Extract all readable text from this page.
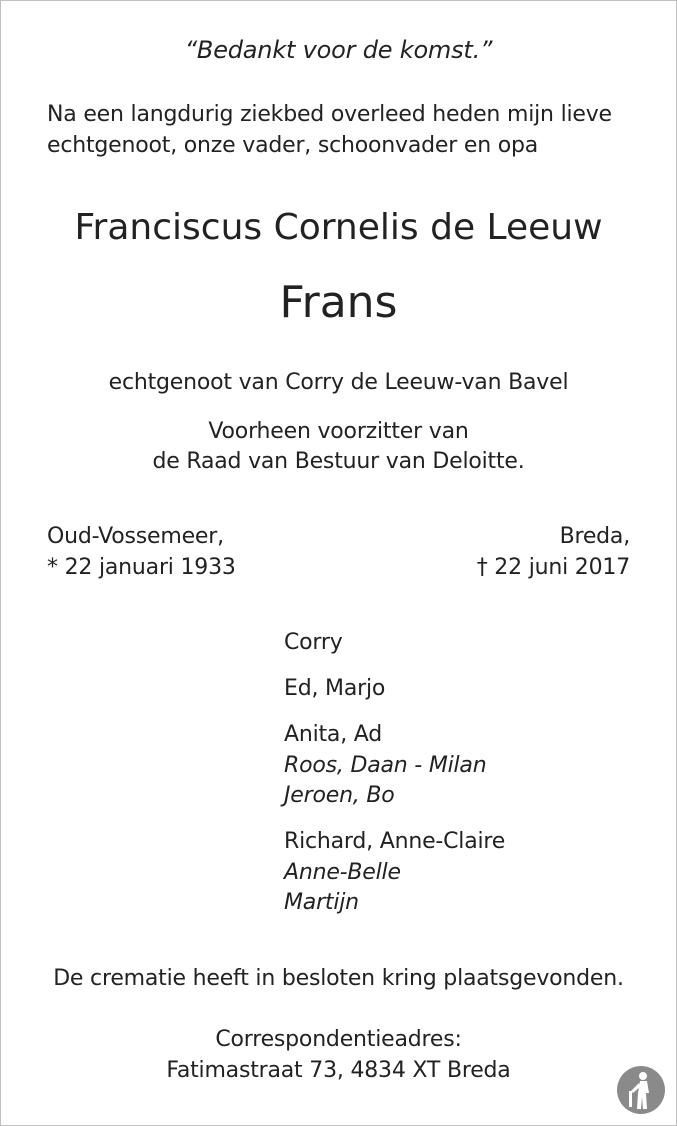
“Bedankt voor de komst.”
Na een langdurig ziekbed overleed heden mijn lieve
echtgenoot, onze vader, schoonvader en opa
Franciscus Cornelis de Leeuw
Frans
echtgenoot van Corry de Leeuw-van Bavel
Voorheen voorzitter van
de Raad van Bestuur van Deloitte.
Oud-Vossemeer,
* 22 januari 1933
Breda,
† 22 juni 2017
Corry
Ed, Marjo
Anita, Ad
Roos, Daan - Milan
Jeroen, Bo
Richard, Anne-Claire
Anne-Belle
Martijn
De crematie heeft in besloten kring plaatsgevonden.
Correspondentieadres:
Fatimastraat 73, 4834 XT Breda
